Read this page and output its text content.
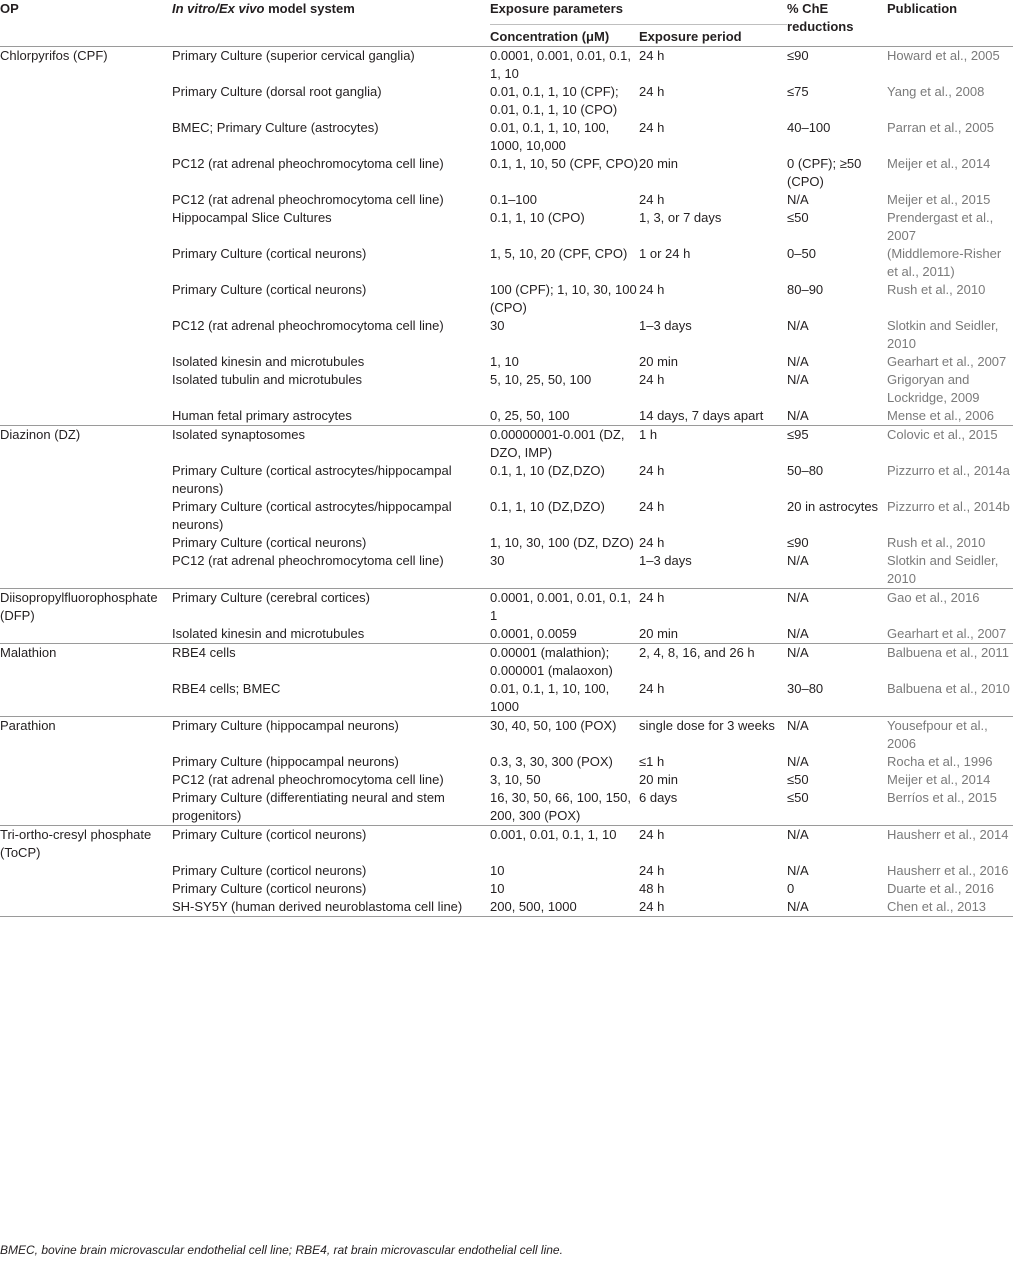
OP	In vitro/Ex vivo model system	Exposure parameters		% ChE reductions	Publication
		Concentration (μM)	Exposure period		
Chlorpyrifos (CPF)	Primary Culture (superior cervical ganglia)	0.0001, 0.001, 0.01, 0.1, 1, 10	24 h	≤90	Howard et al., 2005
	Primary Culture (dorsal root ganglia)	0.01, 0.1, 1, 10 (CPF); 0.01, 0.1, 1, 10 (CPO)	24 h	≤75	Yang et al., 2008
	BMEC; Primary Culture (astrocytes)	0.01, 0.1, 1, 10, 100, 1000, 10,000	24 h	40–100	Parran et al., 2005
	PC12 (rat adrenal pheochromocytoma cell line)	0.1, 1, 10, 50 (CPF, CPO)	20 min	0 (CPF); ≥50 (CPO)	Meijer et al., 2014
	PC12 (rat adrenal pheochromocytoma cell line)	0.1–100	24 h	N/A	Meijer et al., 2015
	Hippocampal Slice Cultures	0.1, 1, 10 (CPO)	1, 3, or 7 days	≤50	Prendergast et al., 2007
	Primary Culture (cortical neurons)	1, 5, 10, 20 (CPF, CPO)	1 or 24 h	0–50	(Middlemore-Risher et al., 2011)
	Primary Culture (cortical neurons)	100 (CPF); 1, 10, 30, 100 (CPO)	24 h	80–90	Rush et al., 2010
	PC12 (rat adrenal pheochromocytoma cell line)	30	1–3 days	N/A	Slotkin and Seidler, 2010
	Isolated kinesin and microtubules	1, 10	20 min	N/A	Gearhart et al., 2007
	Isolated tubulin and microtubules	5, 10, 25, 50, 100	24 h	N/A	Grigoryan and Lockridge, 2009
	Human fetal primary astrocytes	0, 25, 50, 100	14 days, 7 days apart	N/A	Mense et al., 2006
Diazinon (DZ)	Isolated synaptosomes	0.00000001-0.001 (DZ, DZO, IMP)	1 h	≤95	Colovic et al., 2015
	Primary Culture (cortical astrocytes/hippocampal neurons)	0.1, 1, 10 (DZ,DZO)	24 h	50–80	Pizzurro et al., 2014a
	Primary Culture (cortical astrocytes/hippocampal neurons)	0.1, 1, 10 (DZ,DZO)	24 h	20 in astrocytes	Pizzurro et al., 2014b
	Primary Culture (cortical neurons)	1, 10, 30, 100 (DZ, DZO)	24 h	≤90	Rush et al., 2010
	PC12 (rat adrenal pheochromocytoma cell line)	30	1–3 days	N/A	Slotkin and Seidler, 2010
Diisopropylfluorophosphate (DFP)	Primary Culture (cerebral cortices)	0.0001, 0.001, 0.01, 0.1, 1	24 h	N/A	Gao et al., 2016
	Isolated kinesin and microtubules	0.0001, 0.0059	20 min	N/A	Gearhart et al., 2007
Malathion	RBE4 cells	0.00001 (malathion); 0.000001 (malaoxon)	2, 4, 8, 16, and 26 h	N/A	Balbuena et al., 2011
	RBE4 cells; BMEC	0.01, 0.1, 1, 10, 100, 1000	24 h	30–80	Balbuena et al., 2010
Parathion	Primary Culture (hippocampal neurons)	30, 40, 50, 100 (POX)	single dose for 3 weeks	N/A	Yousefpour et al., 2006
	Primary Culture (hippocampal neurons)	0.3, 3, 30, 300 (POX)	≤1 h	N/A	Rocha et al., 1996
	PC12 (rat adrenal pheochromocytoma cell line)	3, 10, 50	20 min	≤50	Meijer et al., 2014
	Primary Culture (differentiating neural and stem progenitors)	16, 30, 50, 66, 100, 150, 200, 300 (POX)	6 days	≤50	Berríos et al., 2015
Tri-ortho-cresyl phosphate (ToCP)	Primary Culture (corticol neurons)	0.001, 0.01, 0.1, 1, 10	24 h	N/A	Hausherr et al., 2014
	Primary Culture (corticol neurons)	10	24 h	N/A	Hausherr et al., 2016
	Primary Culture (corticol neurons)	10	48 h	0	Duarte et al., 2016
	SH-SY5Y (human derived neuroblastoma cell line)	200, 500, 1000	24 h	N/A	Chen et al., 2013
BMEC, bovine brain microvascular endothelial cell line; RBE4, rat brain microvascular endothelial cell line.
